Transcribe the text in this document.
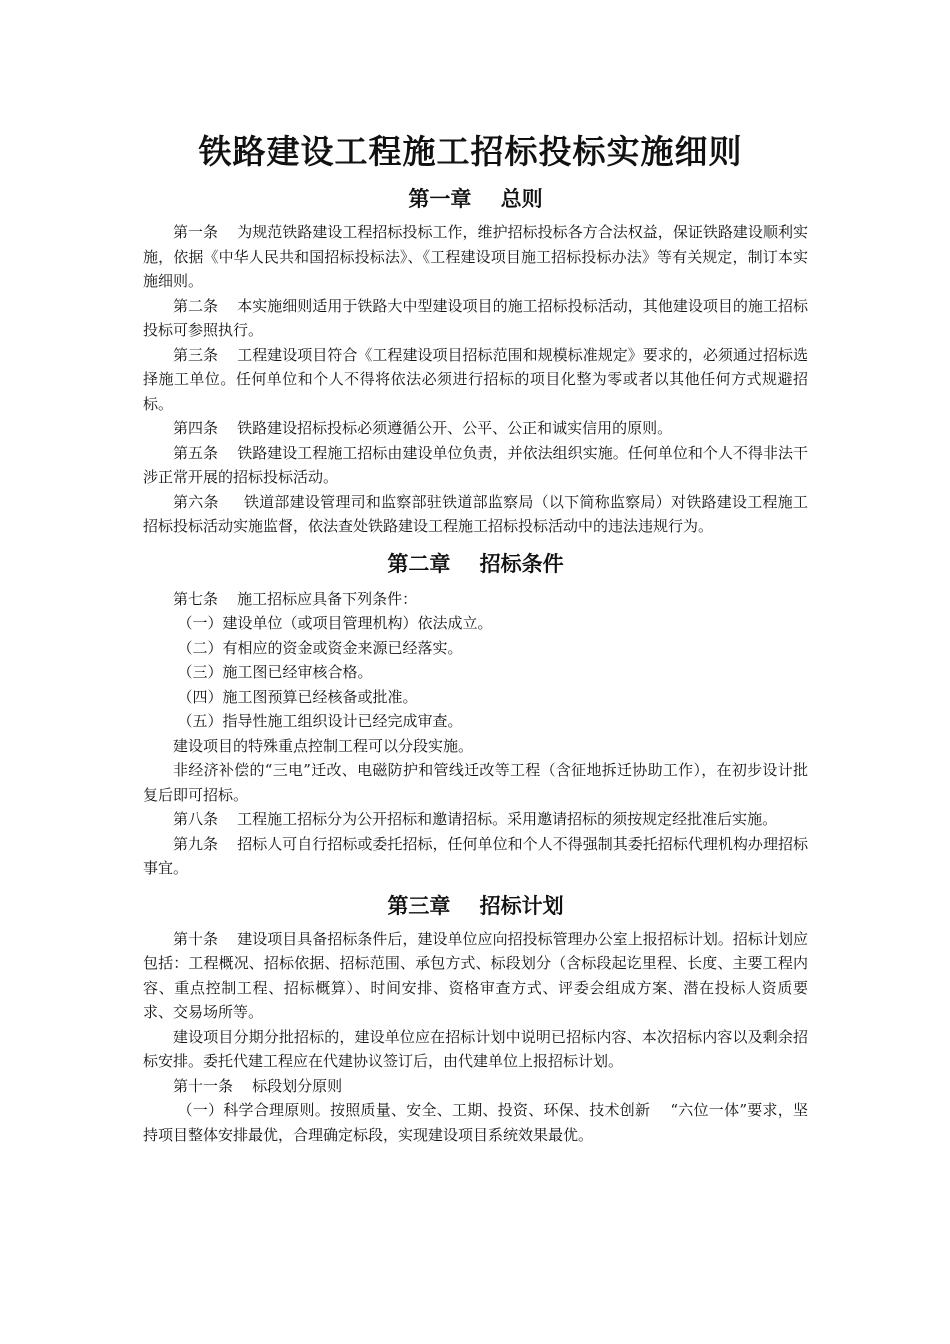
铁路建设工程施工招标投标实施细则
第一章    总则

第一条    为规范铁路建设工程招标投标工作，维护招标投标各方合法权益，保证铁路建设顺利实施，依据《中华人民共和国招标投标法》、《工程建设项目施工招标投标办法》等有关规定，制订本实施细则。

第二条    本实施细则适用于铁路大中型建设项目的施工招标投标活动，其他建设项目的施工招标投标可参照执行。

第三条    工程建设项目符合《工程建设项目招标范围和规模标准规定》要求的，必须通过招标选择施工单位。任何单位和个人不得将依法必须进行招标的项目化整为零或者以其他任何方式规避招标。

第四条    铁路建设招标投标必须遵循公开、公平、公正和诚实信用的原则。

第五条    铁路建设工程施工招标由建设单位负责，并依法组织实施。任何单位和个人不得非法干涉正常开展的招标投标活动。

第六条     铁道部建设管理司和监察部驻铁道部监察局（以下简称监察局）对铁路建设工程施工招标投标活动实施监督，依法查处铁路建设工程施工招标投标活动中的违法违规行为。

第二章    招标条件

第七条    施工招标应具备下列条件：

（一）建设单位（或项目管理机构）依法成立。

（二）有相应的资金或资金来源已经落实。

（三）施工图已经审核合格。

（四）施工图预算已经核备或批准。

（五）指导性施工组织设计已经完成审查。

建设项目的特殊重点控制工程可以分段实施。

非经济补偿的“三电”迁改、电磁防护和管线迁改等工程（含征地拆迁协助工作），在初步设计批复后即可招标。

第八条    工程施工招标分为公开招标和邀请招标。采用邀请招标的须按规定经批准后实施。

第九条    招标人可自行招标或委托招标，任何单位和个人不得强制其委托招标代理机构办理招标事宜。

第三章    招标计划

第十条    建设项目具备招标条件后，建设单位应向招投标管理办公室上报招标计划。招标计划应包括：工程概况、招标依据、招标范围、承包方式、标段划分（含标段起讫里程、长度、主要工程内容、重点控制工程、招标概算）、时间安排、资格审查方式、评委会组成方案、潜在投标人资质要求、交易场所等。

建设项目分期分批招标的，建设单位应在招标计划中说明已招标内容、本次招标内容以及剩余招标安排。委托代建工程应在代建协议签订后，由代建单位上报招标计划。

第十一条    标段划分原则

（一）科学合理原则。按照质量、安全、工期、投资、环保、技术创新    “六位一体”要求，坚持项目整体安排最优，合理确定标段，实现建设项目系统效果最优。
